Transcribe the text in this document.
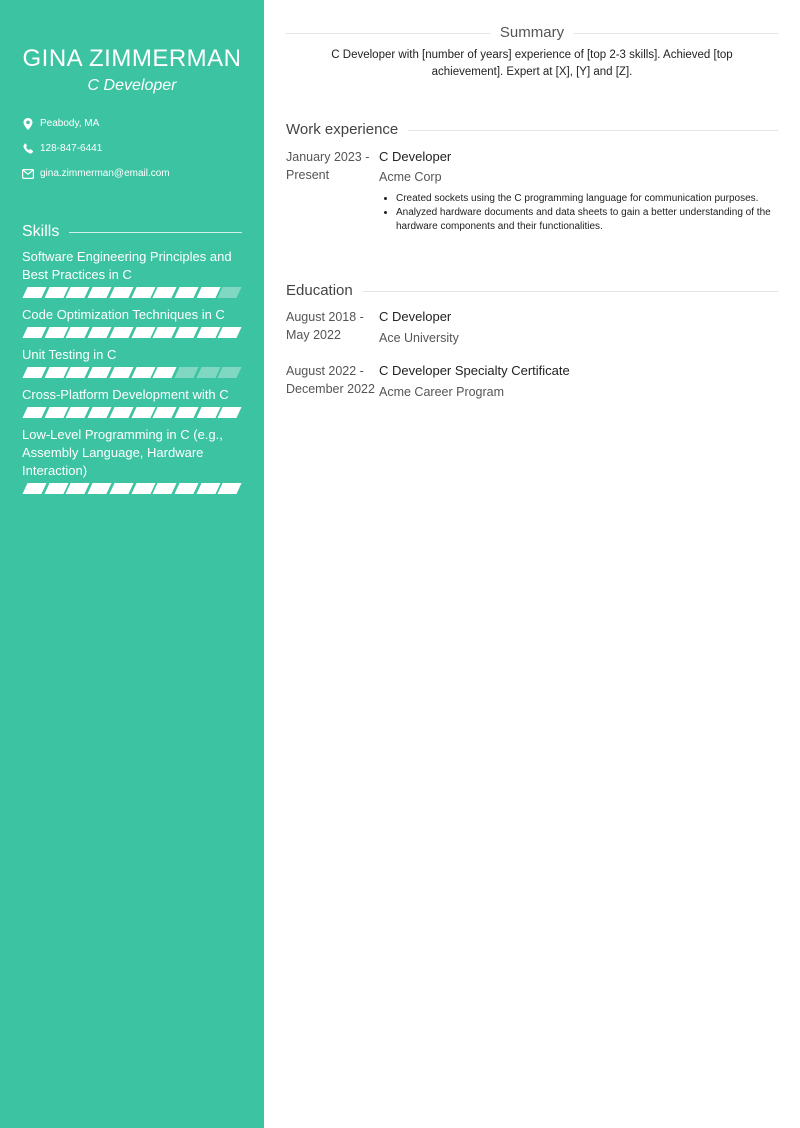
GINA ZIMMERMAN
C Developer
Peabody, MA
128-847-6441
gina.zimmerman@email.com
Skills
Software Engineering Principles and Best Practices in C
Code Optimization Techniques in C
Unit Testing in C
Cross-Platform Development with C
Low-Level Programming in C (e.g., Assembly Language, Hardware Interaction)
Summary

C Developer with [number of years] experience of [top 2-3 skills]. Achieved [top achievement]. Expert at [X], [Y] and [Z].

Work experience
January 2023 -
Present
C Developer
Acme Corp
• Created sockets using the C programming language for communication purposes.
• Analyzed hardware documents and data sheets to gain a better understanding of the hardware components and their functionalities.
Education
August 2018 -
May 2022
C Developer
Ace University
August 2022 -
December 2022
C Developer Specialty Certificate
Acme Career Program
